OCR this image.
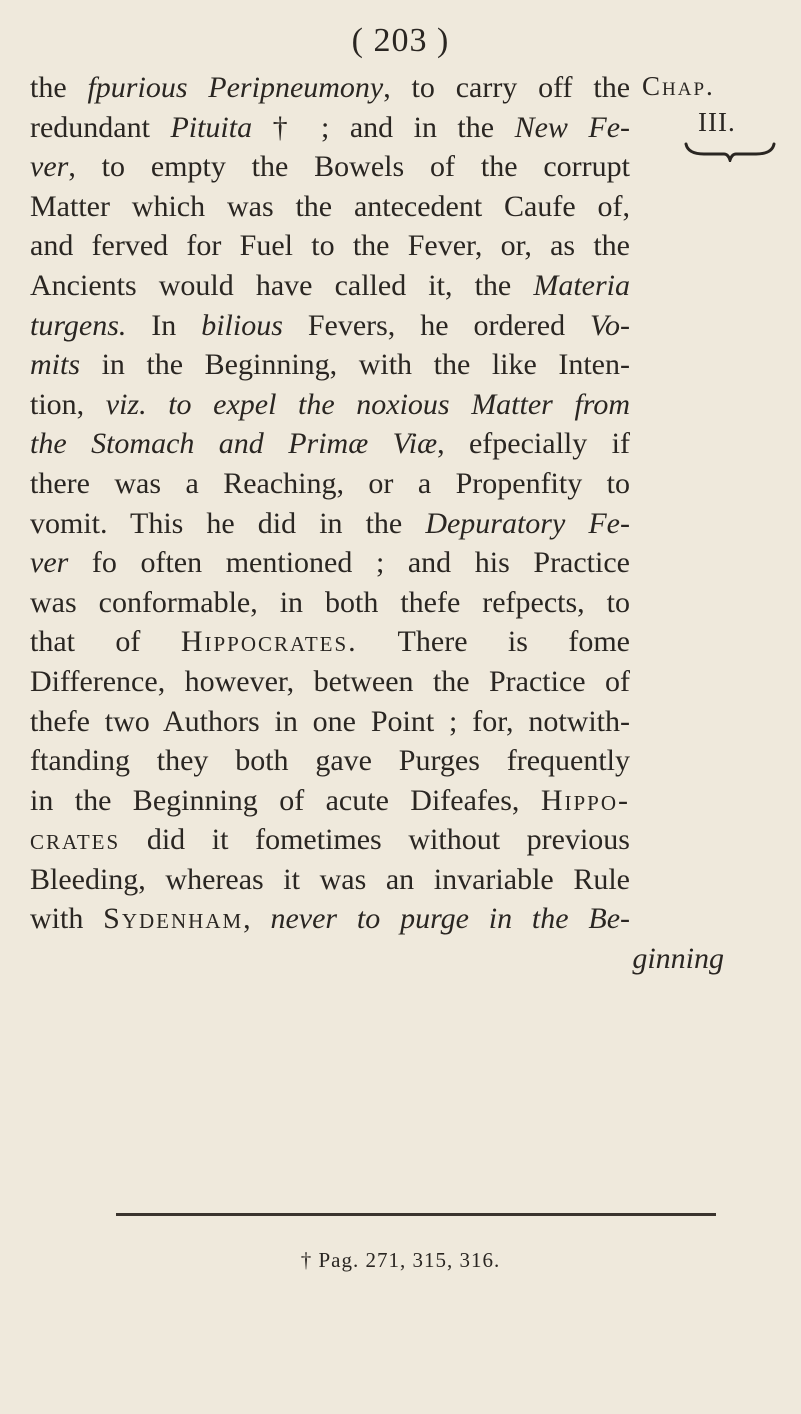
( 203 )
Chap.
III.
the fpurious Peripneumony, to carry off the
redundant Pituita † ; and in the New Fe-
ver, to empty the Bowels of the corrupt
Matter which was the antecedent Caufe of,
and ferved for Fuel to the Fever, or, as the
Ancients would have called it, the Materia
turgens. In bilious Fevers, he ordered Vo-
mits in the Beginning, with the like Inten-
tion, viz. to expel the noxious Matter from
the Stomach and Primæ Viæ, efpecially if
there was a Reaching, or a Propenfity to
vomit. This he did in the Depuratory Fe-
ver fo often mentioned ; and his Practice
was conformable, in both thefe refpects, to
that of Hippocrates. There is fome
Difference, however, between the Practice of
thefe two Authors in one Point ; for, notwith-
ftanding they both gave Purges frequently
in the Beginning of acute Difeafes, Hippo-
crates did it fometimes without previous
Bleeding, whereas it was an invariable Rule
with Sydenham, never to purge in the Be-
ginning
† Pag. 271, 315, 316.
